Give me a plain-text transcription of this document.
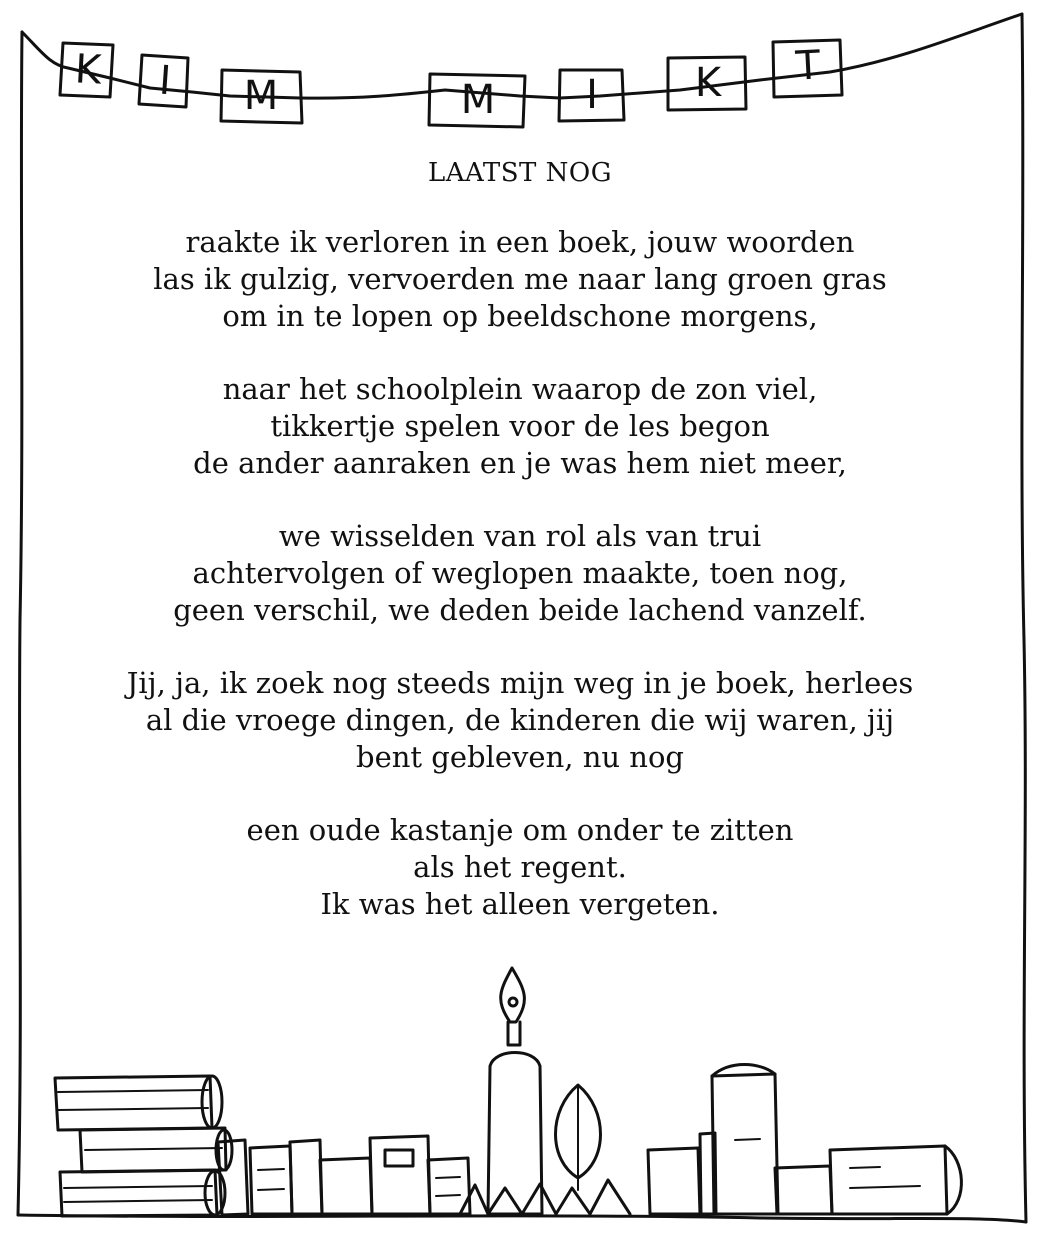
K	I	M	M	I	K T
LAATST NOG
raakte ik verloren in een boek, jouw woorden
las ik gulzig, vervoerden me naar lang groen gras
om in te lopen op beeldschone morgens,
naar het schoolplein waarop de zon viel,
tikkertje spelen voor de les begon
de ander aanraken en je was hem niet meer,
we wisselden van rol als van trui
achtervolgen of weglopen maakte, toen nog,
geen verschil, we deden beide lachend vanzelf.
Jij, ja, ik zoek nog steeds mijn weg in je boek, herlees
al die vroege dingen, de kinderen die wij waren, jij
bent gebleven, nu nog
een oude kastanje om onder te zitten
als het regent.
Ik was het alleen vergeten.
